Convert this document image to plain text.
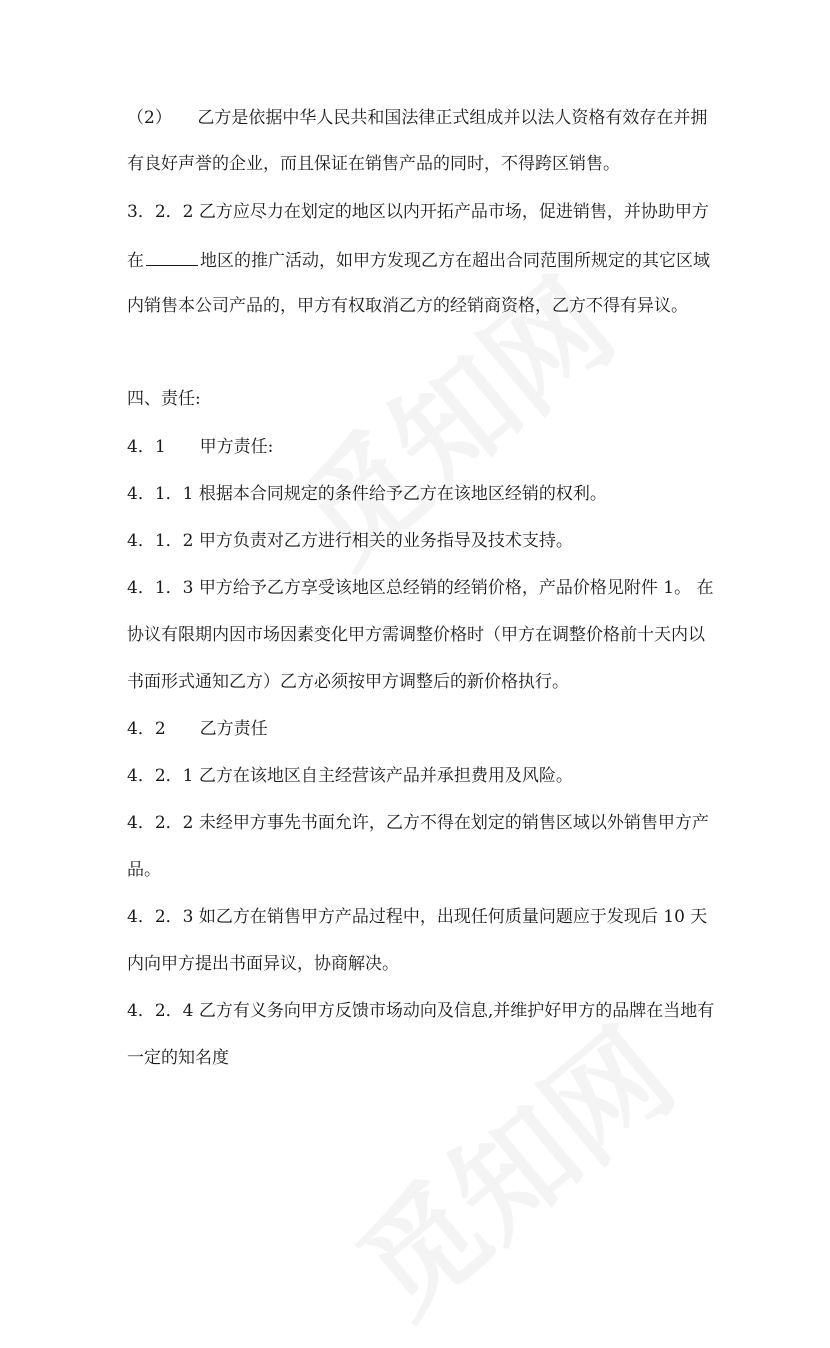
（2）　　乙方是依据中华人民共和国法律正式组成并以法人资格有效存在并拥
有良好声誉的企业，而且保证在销售产品的同时，不得跨区销售。
3．2．2 乙方应尽力在划定的地区以内开拓产品市场，促进销售，并协助甲方
在	地区的推广活动，如甲方发现乙方在超出合同范围所规定的其它区域
内销售本公司产品的，甲方有权取消乙方的经销商资格，乙方不得有异议。
四、责任:
4．1　　甲方责任:
4．1．1 根据本合同规定的条件给予乙方在该地区经销的权利。
4．1．2 甲方负责对乙方进行相关的业务指导及技术支持。
4．1．3 甲方给予乙方享受该地区总经销的经销价格，产品价格见附件 1。 在
协议有限期内因市场因素变化甲方需调整价格时（甲方在调整价格前十天内以
书面形式通知乙方）乙方必须按甲方调整后的新价格执行。
4．2　　乙方责任
4．2．1 乙方在该地区自主经营该产品并承担费用及风险。
4．2．2 未经甲方事先书面允许，乙方不得在划定的销售区域以外销售甲方产
品。
4．2．3 如乙方在销售甲方产品过程中，出现任何质量问题应于发现后 10 天
内向甲方提出书面异议，协商解决。
4．2．4 乙方有义务向甲方反馈市场动向及信息,并维护好甲方的品牌在当地有
一定的知名度
